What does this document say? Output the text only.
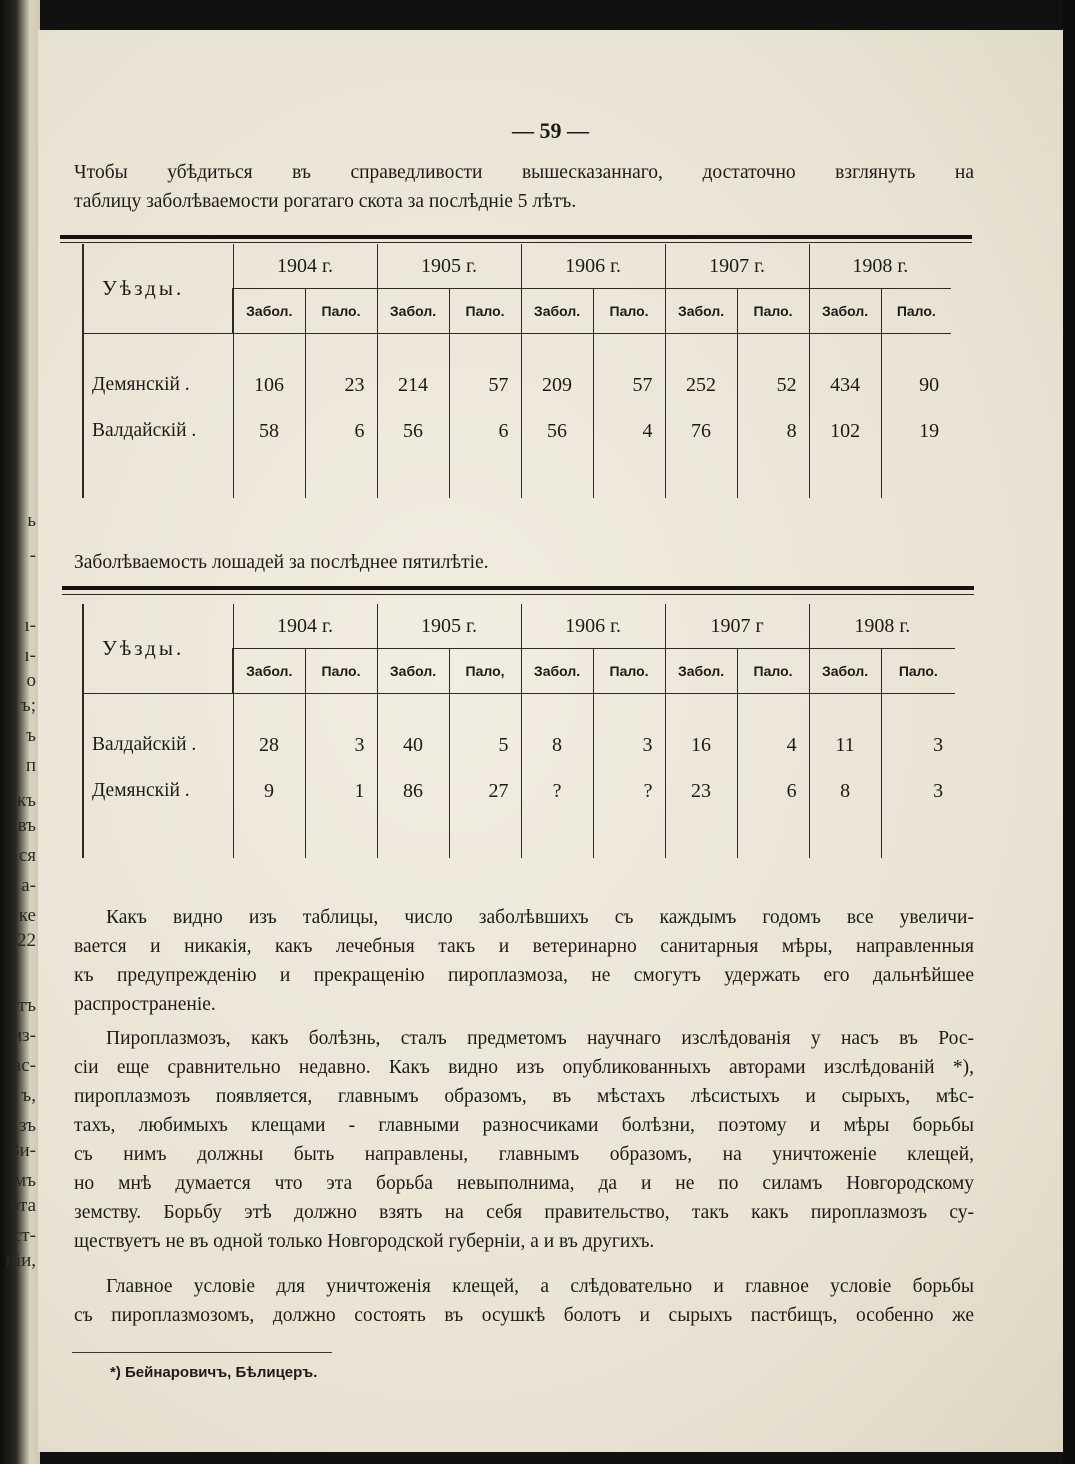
ь
-
ı-
ı-
о
ъ;
ъ
п
къ
въ
ся
а-
ке
22
тъ
из-
ас-
ъ,
зъ
Зи-
мъ
ота
ст-
ніи,
— 59 —
Чтобы убѣдиться въ справедливости вышесказаннаго, достаточно взглянуть на
таблицу заболѣваемости рогатаго скота за послѣдніе 5 лѣтъ.
Уѣзды.	1904 г.		1905 г.		1906 г.		1907 г.		1908 г.	
	Забол.	Пало.	Забол.	Пало.	Забол.	Пало.	Забол.	Пало.	Забол.	Пало.

Демянскій .	106	23	214	57	209	57	252	52	434	90
Валдайскій .	58	6	56	6	56	4	76	8	102	19

Заболѣваемость лошадей за послѣднее пятилѣтіе.
Уѣзды.	1904 г.		1905 г.		1906 г.		1907 г		1908 г.	
	Забол.	Пало.	Забол.	Пало,	Забол.	Пало.	Забол.	Пало.	Забол.	Пало.

Валдайскій .	28	3	40	5	8	3	16	4	11	3
Демянскій .	9	1	86	27	?	?	23	6	8	3

Какъ видно изъ таблицы, число заболѣвшихъ съ каждымъ годомъ все увеличи-
вается и никакія, какъ лечебныя такъ и ветеринарно санитарныя мѣры, направленныя
къ предупрежденію и прекращенію пироплазмоза, не смогутъ удержать его дальнѣйшее
распространеніе.
Пироплазмозъ, какъ болѣзнь, сталъ предметомъ научнаго изслѣдованія у насъ въ Рос-
сіи еще сравнительно недавно. Какъ видно изъ опубликованныхъ авторами изслѣдованій *),
пироплазмозъ появляется, главнымъ образомъ, въ мѣстахъ лѣсистыхъ и сырыхъ, мѣс-
тахъ, любимыхъ клещами - главными разносчиками болѣзни, поэтому и мѣры борьбы
съ нимъ должны быть направлены, главнымъ образомъ, на уничтоженіе клещей,
но мнѣ думается что эта борьба невыполнима, да и не по силамъ Новгородскому
земству. Борьбу этѣ должно взять на себя правительство, такъ какъ пироплазмозъ су-
ществуетъ не въ одной только Новгородской губерніи, а и въ другихъ.
Главное условіе для уничтоженія клещей, а слѣдовательно и главное условіе борьбы
съ пироплазмозомъ, должно состоять въ осушкѣ болотъ и сырыхъ пастбищъ, особенно же
*) Бейнаровичъ, Бѣлицеръ.
